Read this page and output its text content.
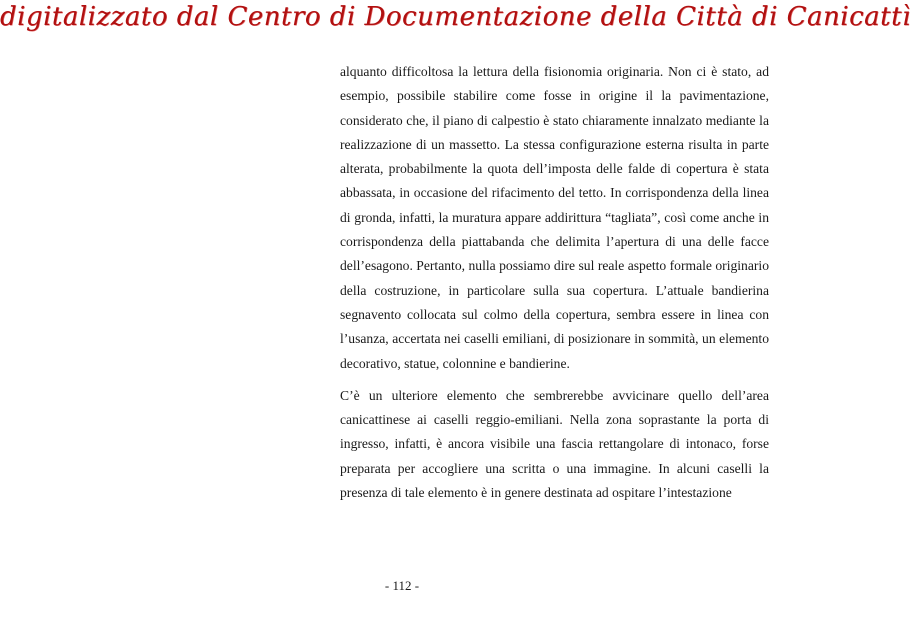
digitalizzato dal Centro di Documentazione della Città di Canicattì

alquanto difficoltosa la lettura della fisionomia originaria. Non ci è stato, ad esempio, possibile stabilire come fosse in origine il la pavimentazione, considerato che, il piano di calpestio è stato chiaramente innalzato mediante la realizzazione di un massetto. La stessa configurazione esterna risulta in parte alterata, probabilmente la quota dell’imposta delle falde di copertura è stata abbassata, in occasione del rifacimento del tetto. In corrispondenza della linea di gronda, infatti, la muratura appare addirittura “tagliata”, così come anche in corrispondenza della piattabanda che delimita l’apertura di una delle facce dell’esagono. Pertanto, nulla possiamo dire sul reale aspetto formale originario della costruzione, in particolare sulla sua copertura. L’attuale bandierina segnavento collocata sul colmo della copertura, sembra essere in linea con l’usanza, accertata nei caselli emiliani, di posizionare in sommità, un elemento decorativo, statue, colonnine e bandierine.

C’è un ulteriore elemento che sembrerebbe avvicinare quello dell’area canicattinese ai caselli reggio-emiliani. Nella zona soprastante la porta di ingresso, infatti, è ancora visibile una fascia rettangolare di intonaco, forse preparata per accogliere una scritta o una immagine. In alcuni caselli la presenza di tale elemento è in genere destinata ad ospitare l’intestazione

- 112 -
